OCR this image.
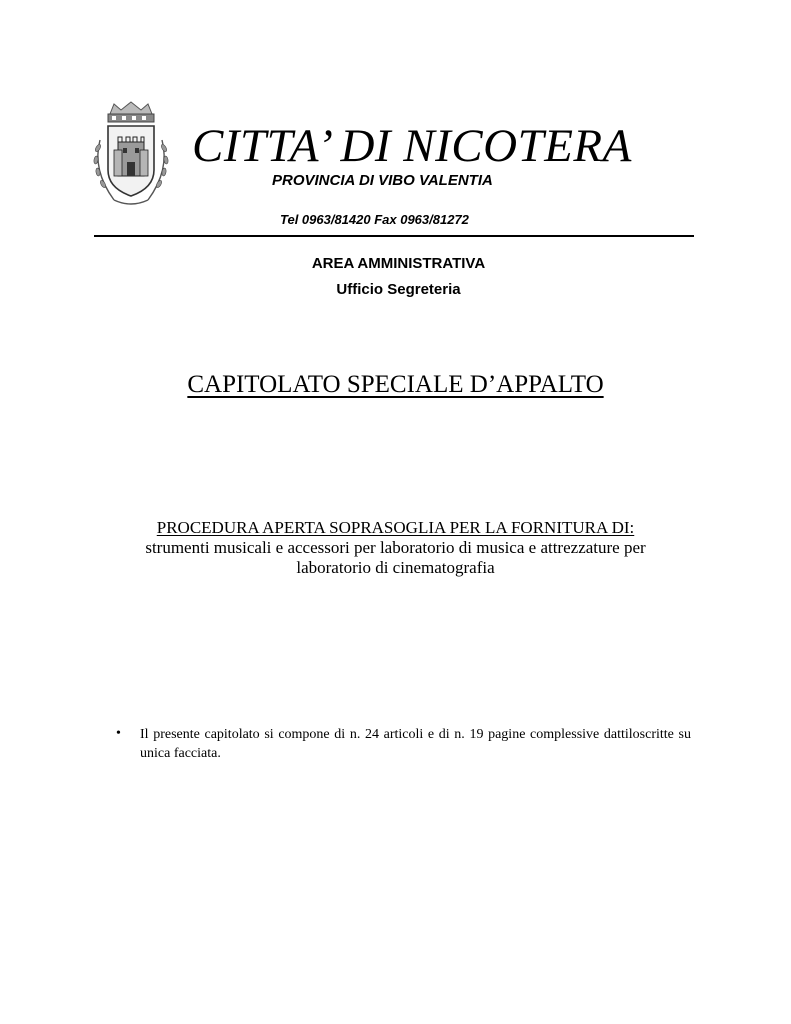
CITTA’ DI NICOTERA
PROVINCIA DI VIBO VALENTIA
Tel 0963/81420 Fax 0963/81272
AREA AMMINISTRATIVA
Ufficio Segreteria
CAPITOLATO SPECIALE D’APPALTO
PROCEDURA APERTA SOPRASOGLIA PER LA FORNITURA DI:
strumenti musicali e accessori per laboratorio di musica e attrezzature per
laboratorio di cinematografia
• Il presente capitolato si compone di n. 24 articoli e di n. 19 pagine complessive dattiloscritte su unica facciata.
